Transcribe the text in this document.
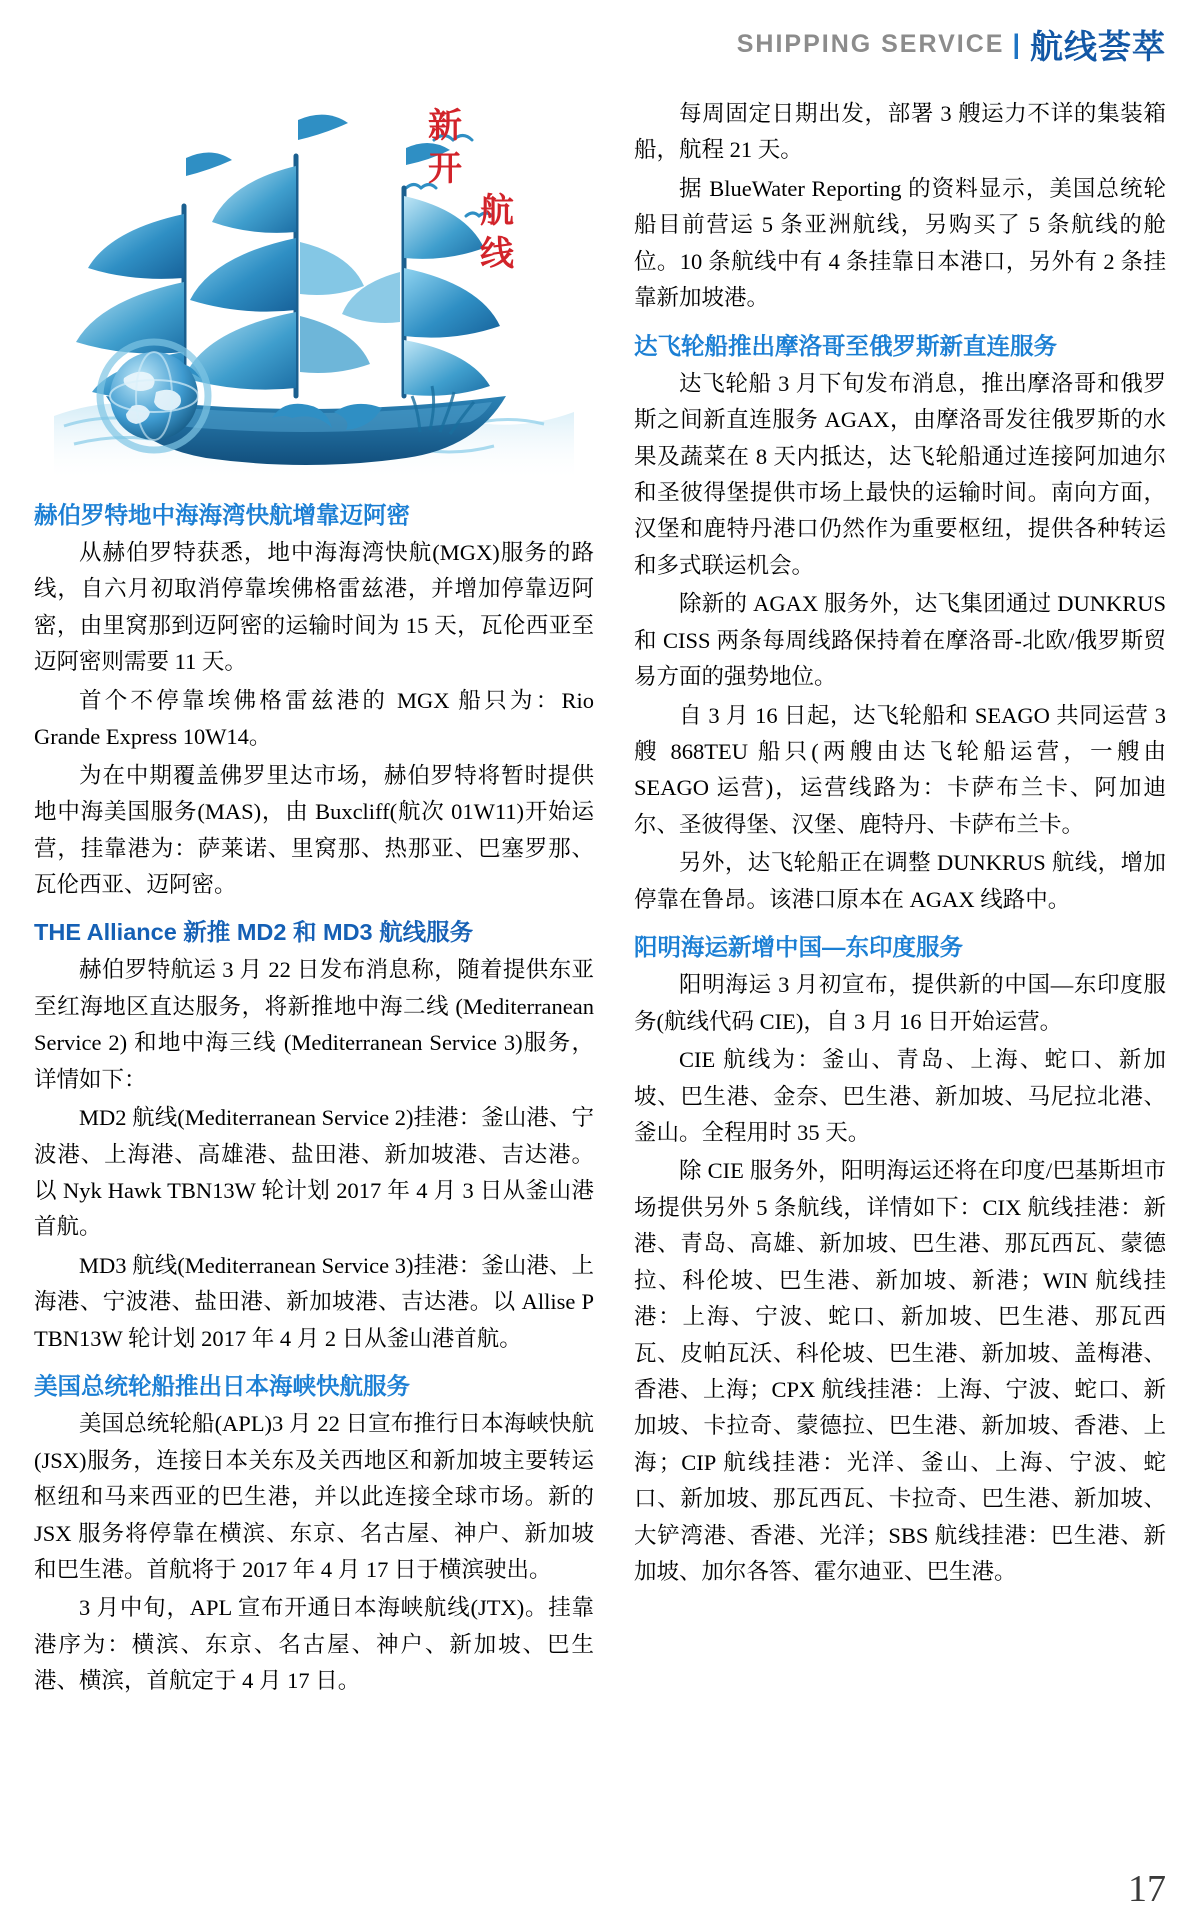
SHIPPING SERVICE | 航线荟萃
新
开
航
线
赫伯罗特地中海海湾快航增靠迈阿密

从赫伯罗特获悉，地中海海湾快航(MGX)服务的路线，自六月初取消停靠埃佛格雷兹港，并增加停靠迈阿密，由里窝那到迈阿密的运输时间为 15 天，瓦伦西亚至迈阿密则需要 11 天。

首个不停靠埃佛格雷兹港的 MGX 船只为：Rio Grande Express 10W14。

为在中期覆盖佛罗里达市场，赫伯罗特将暂时提供地中海美国服务(MAS)，由 Buxcliff(航次 01W11)开始运营，挂靠港为：萨莱诺、里窝那、热那亚、巴塞罗那、瓦伦西亚、迈阿密。

THE Alliance 新推 MD2 和 MD3 航线服务

赫伯罗特航运 3 月 22 日发布消息称，随着提供东亚至红海地区直达服务，将新推地中海二线 (Mediterranean Service 2) 和地中海三线 (Mediterranean Service 3)服务，详情如下：

MD2 航线(Mediterranean Service 2)挂港：釜山港、宁波港、上海港、高雄港、盐田港、新加坡港、吉达港。以 Nyk Hawk TBN13W 轮计划 2017 年 4 月 3 日从釜山港首航。

MD3 航线(Mediterranean Service 3)挂港：釜山港、上海港、宁波港、盐田港、新加坡港、吉达港。以 Allise P TBN13W 轮计划 2017 年 4 月 2 日从釜山港首航。

美国总统轮船推出日本海峡快航服务

美国总统轮船(APL)3 月 22 日宣布推行日本海峡快航(JSX)服务，连接日本关东及关西地区和新加坡主要转运枢纽和马来西亚的巴生港，并以此连接全球市场。新的 JSX 服务将停靠在横滨、东京、名古屋、神户、新加坡和巴生港。首航将于 2017 年 4 月 17 日于横滨驶出。

3 月中旬，APL 宣布开通日本海峡航线(JTX)。挂靠港序为：横滨、东京、名古屋、神户、新加坡、巴生港、横滨，首航定于 4 月 17 日。

每周固定日期出发，部署 3 艘运力不详的集装箱船，航程 21 天。

据 BlueWater Reporting 的资料显示，美国总统轮船目前营运 5 条亚洲航线，另购买了 5 条航线的舱位。10 条航线中有 4 条挂靠日本港口，另外有 2 条挂靠新加坡港。

达飞轮船推出摩洛哥至俄罗斯新直连服务

达飞轮船 3 月下旬发布消息，推出摩洛哥和俄罗斯之间新直连服务 AGAX，由摩洛哥发往俄罗斯的水果及蔬菜在 8 天内抵达，达飞轮船通过连接阿加迪尔和圣彼得堡提供市场上最快的运输时间。南向方面，汉堡和鹿特丹港口仍然作为重要枢纽，提供各种转运和多式联运机会。

除新的 AGAX 服务外，达飞集团通过 DUNKRUS 和 CISS 两条每周线路保持着在摩洛哥-北欧/俄罗斯贸易方面的强势地位。

自 3 月 16 日起，达飞轮船和 SEAGO 共同运营 3 艘 868TEU 船只(两艘由达飞轮船运营，一艘由 SEAGO 运营)，运营线路为：卡萨布兰卡、阿加迪尔、圣彼得堡、汉堡、鹿特丹、卡萨布兰卡。

另外，达飞轮船正在调整 DUNKRUS 航线，增加停靠在鲁昂。该港口原本在 AGAX 线路中。

阳明海运新增中国—东印度服务

阳明海运 3 月初宣布，提供新的中国—东印度服务(航线代码 CIE)，自 3 月 16 日开始运营。

CIE 航线为：釜山、青岛、上海、蛇口、新加坡、巴生港、金奈、巴生港、新加坡、马尼拉北港、釜山。全程用时 35 天。

除 CIE 服务外，阳明海运还将在印度/巴基斯坦市场提供另外 5 条航线，详情如下：CIX 航线挂港：新港、青岛、高雄、新加坡、巴生港、那瓦西瓦、蒙德拉、科伦坡、巴生港、新加坡、新港；WIN 航线挂港：上海、宁波、蛇口、新加坡、巴生港、那瓦西瓦、皮帕瓦沃、科伦坡、巴生港、新加坡、盖梅港、香港、上海；CPX 航线挂港：上海、宁波、蛇口、新加坡、卡拉奇、蒙德拉、巴生港、新加坡、香港、上海；CIP 航线挂港：光洋、釜山、上海、宁波、蛇口、新加坡、那瓦西瓦、卡拉奇、巴生港、新加坡、大铲湾港、香港、光洋；SBS 航线挂港：巴生港、新加坡、加尔各答、霍尔迪亚、巴生港。

17
